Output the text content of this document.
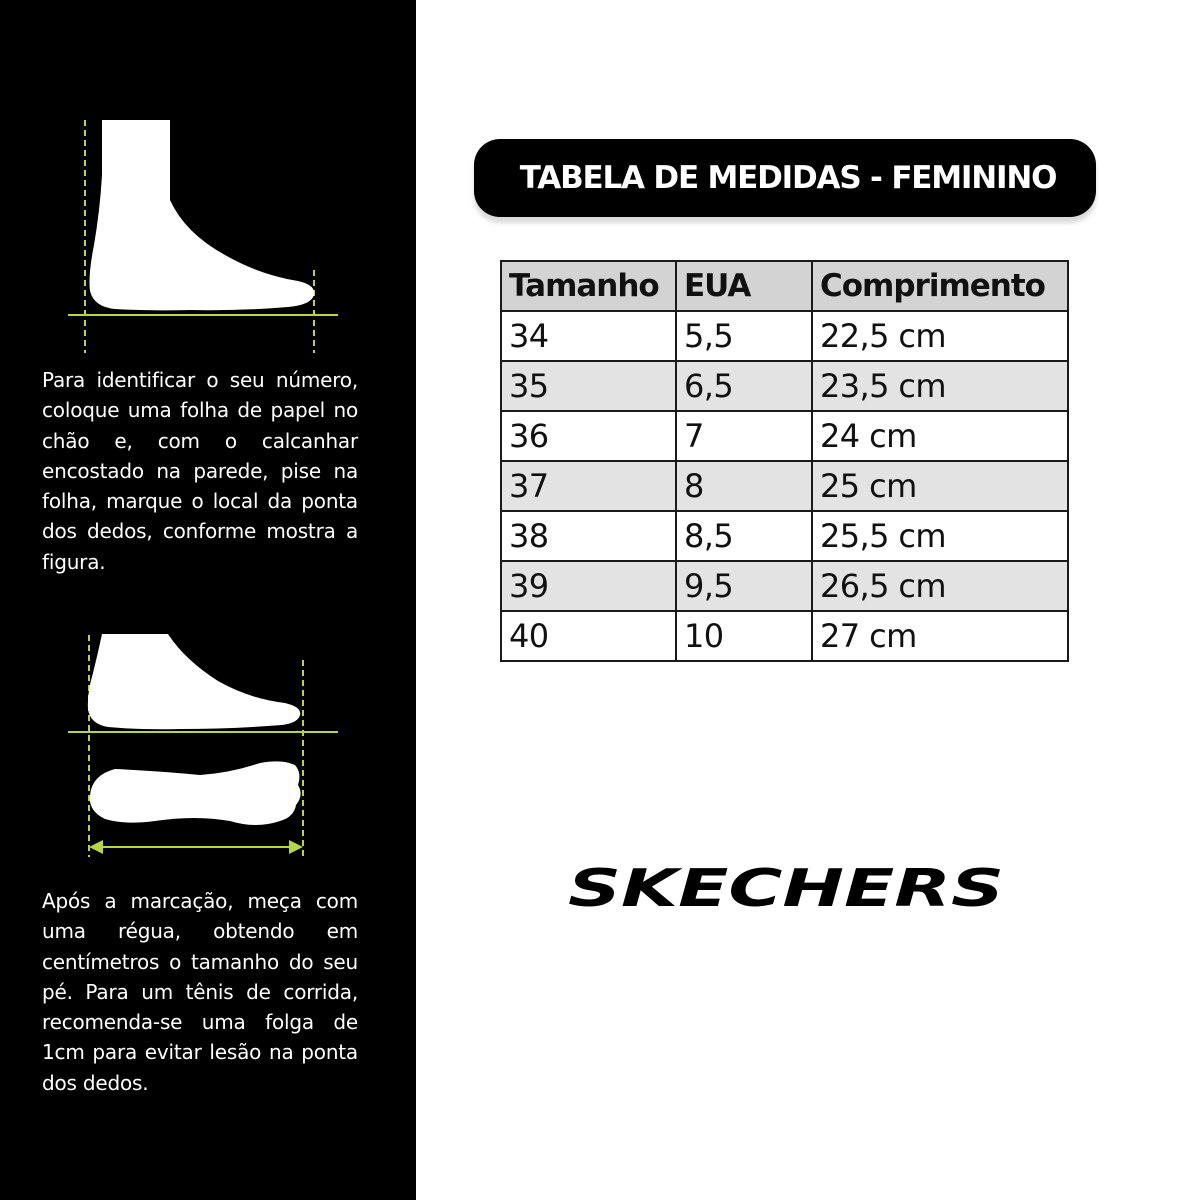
Para identificar o seu número, coloque uma folha de papel no chão e, com o calcanhar encostado na parede, pise na folha, marque o local da ponta dos dedos, conforme mostra a figura.

Após a marcação, meça com uma régua, obtendo em centímetros o tamanho do seu pé. Para um tênis de corrida, recomenda-se uma folga de 1cm para evitar lesão na ponta dos dedos.

TABELA DE MEDIDAS - FEMININO
Tamanho	EUA	Comprimento
34	5,5	22,5 cm
35	6,5	23,5 cm
36	7	24 cm
37	8	25 cm
38	8,5	25,5 cm
39	9,5	26,5 cm
40	10	27 cm
SKECHERS
